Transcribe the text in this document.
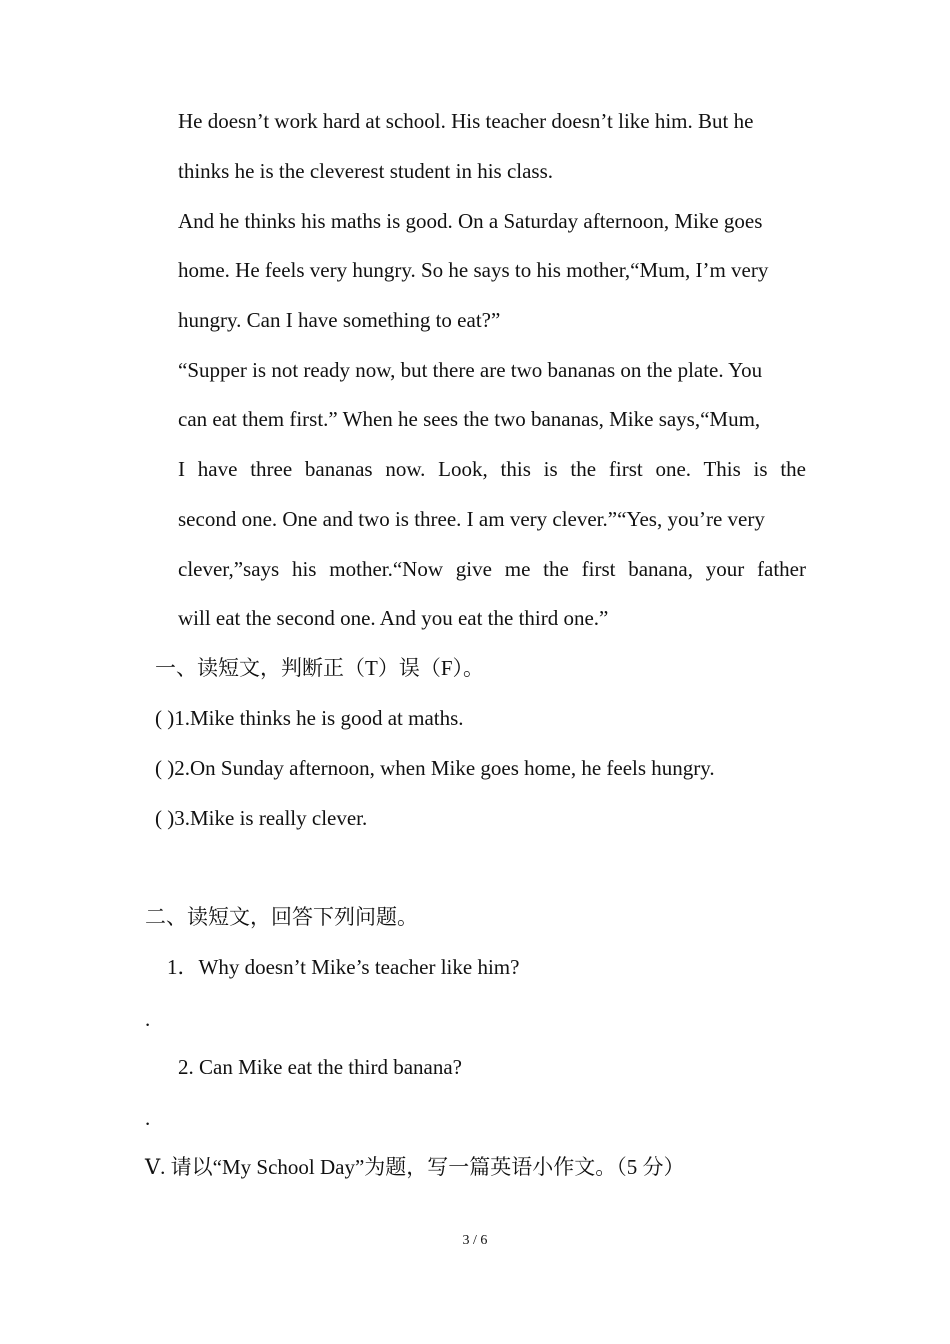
He doesn’t work hard at school. His teacher doesn’t like him. But he
thinks he is the cleverest student in his class.
And he thinks his maths is good. On a Saturday afternoon, Mike goes
home. He feels very hungry. So he says to his mother,“Mum, I’m very
hungry. Can I have something to eat?”
“Supper is not ready now, but there are two bananas on the plate. You
can eat them first.” When he sees the two bananas, Mike says,“Mum,
I have three bananas now. Look, this is the first one. This is the
second one. One and two is three. I am very clever.”“Yes, you’re very
clever,”says his mother.“Now give me the first banana, your father
will eat the second one. And you eat the third one.”
一、读短文，判断正（T）误（F）。
( )1.Mike thinks he is good at maths.
( )2.On Sunday afternoon, when Mike goes home, he feels hungry.
( )3.Mike is really clever.
二、读短文，回答下列问题。
1．Why doesn’t Mike’s teacher like him?
.
2. Can Mike eat the third banana?
.
Ⅴ. 请以“My School Day”为题，写一篇英语小作文。（5 分）
3 / 6
